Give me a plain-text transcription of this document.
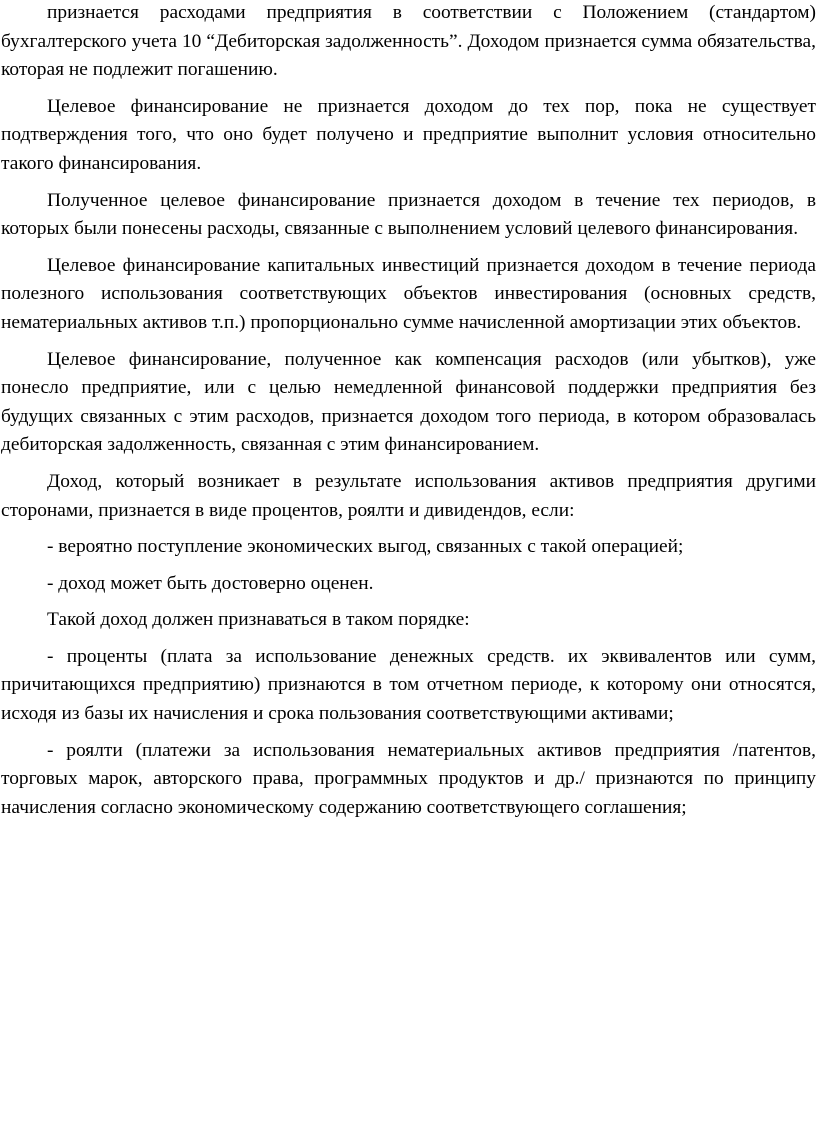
признается расходами предприятия в соответствии с Положением (стандартом) бухгалтерского учета 10 “Дебиторская задолженность”. Доходом признается сумма обязательства, которая не подлежит погашению.

Целевое финансирование не признается доходом до тех пор, пока не существует подтверждения того, что оно будет получено и предприятие выполнит условия относительно такого финансирования.

Полученное целевое финансирование признается доходом в течение тех периодов, в которых были понесены расходы, связанные с выполнением условий целевого финансирования.

Целевое финансирование капитальных инвестиций признается доходом в течение периода полезного использования соответствующих объектов инвестирования (основных средств, нематериальных активов т.п.) пропорционально сумме начисленной амортизации этих объектов.

Целевое финансирование, полученное как компенсация расходов (или убытков), уже понесло предприятие, или с целью немедленной финансовой поддержки предприятия без будущих связанных с этим расходов, признается доходом того периода, в котором образовалась дебиторская задолженность, связанная с этим финансированием.

Доход, который возникает в результате использования активов предприятия другими сторонами, признается в виде процентов, роялти и дивидендов, если:

- вероятно поступление экономических выгод, связанных с такой операцией;

- доход может быть достоверно оценен.

Такой доход должен признаваться в таком порядке:

- проценты (плата за использование денежных средств. их эквивалентов или сумм, причитающихся предприятию) признаются в том отчетном периоде, к которому они относятся, исходя из базы их начисления и срока пользования соответствующими активами;

- роялти (платежи за использования нематериальных активов предприятия /патентов, торговых марок, авторского права, программных продуктов и др./ признаются по принципу начисления согласно экономическому содержанию соответствующего соглашения;
